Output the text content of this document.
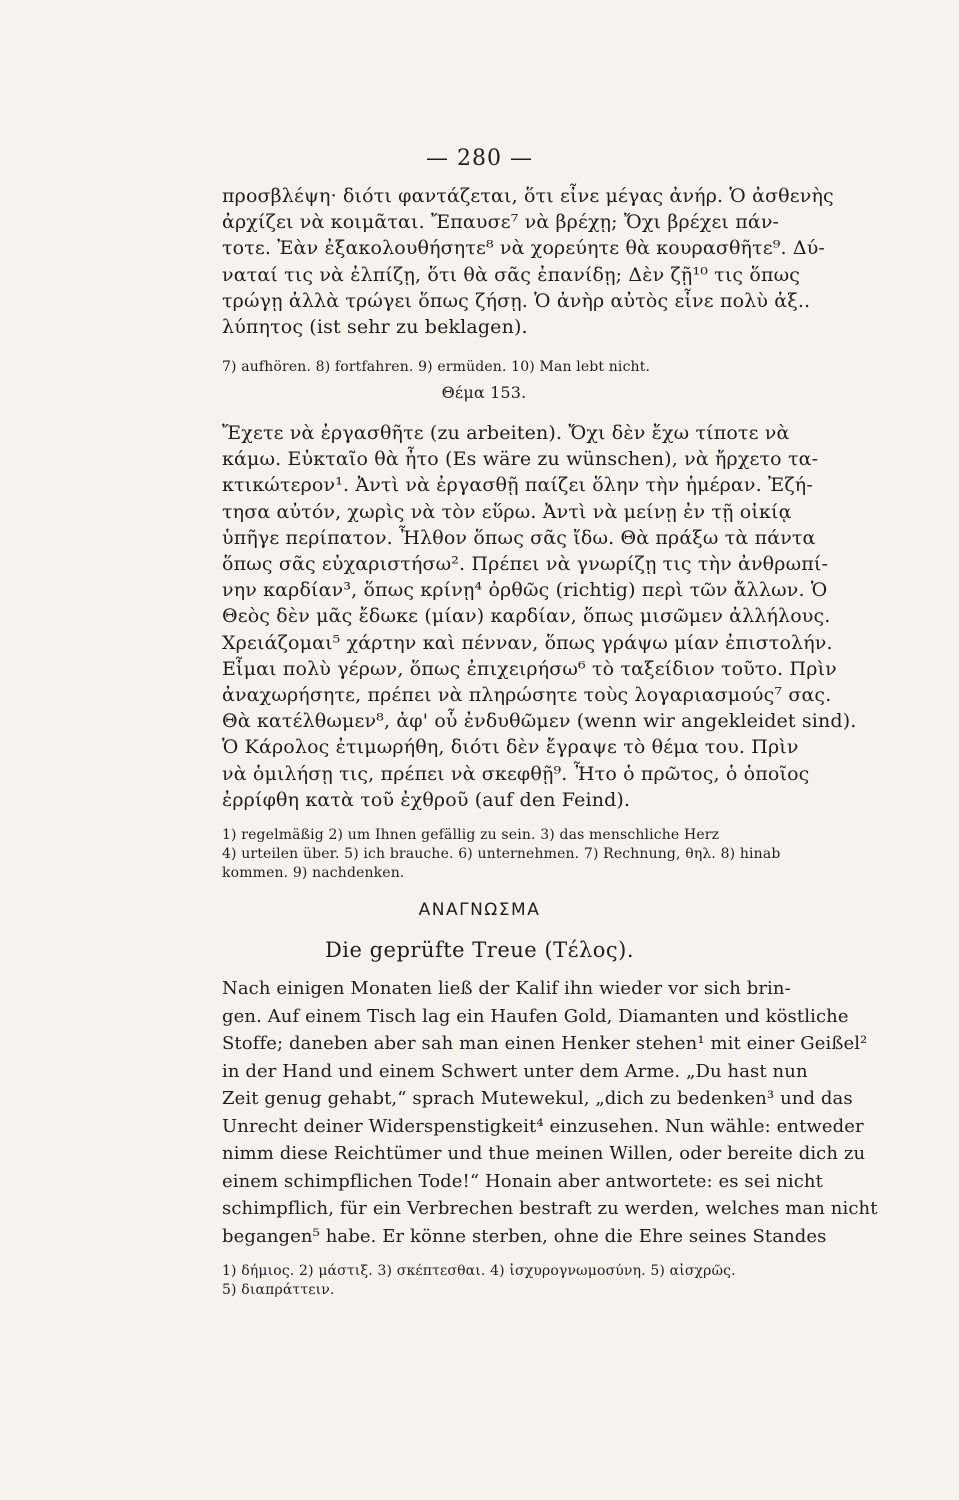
— 280 —
προσβλέψη· διότι φαντάζεται, ὅτι εἶνε μέγας ἀνήρ. Ὁ ἀσθενὴς
ἀρχίζει νὰ κοιμᾶται. Ἔπαυσε⁷ νὰ βρέχῃ; Ὄχι βρέχει πάν-
τοτε. Ἐὰν ἐξακολουθήσητε⁸ νὰ χορεύητε θὰ κουρασθῆτε⁹. Δύ-
ναταί τις νὰ ἐλπίζῃ, ὅτι θὰ σᾶς ἐπανίδῃ; Δὲν ζῇ¹⁰ τις ὅπως
τρώγῃ ἀλλὰ τρώγει ὅπως ζήσῃ. Ὁ ἀνὴρ αὐτὸς εἶνε πολὺ ἀξ..
λύπητος (ist sehr zu beklagen).
7) aufhören. 8) fortfahren. 9) ermüden. 10) Man lebt nicht.
Θέμα 153.
Ἔχετε νὰ ἐργασθῆτε (zu arbeiten). Ὄχι δὲν ἔχω τίποτε νὰ
κάμω. Εὐκταῖο θὰ ἦτο (Es wäre zu wünschen), νὰ ἤρχετο τα-
κτικώτερον¹. Ἀντὶ νὰ ἐργασθῇ παίζει ὅλην τὴν ἡμέραν. Ἐζή-
τησα αὐτόν, χωρὶς νὰ τὸν εὕρω. Ἀντὶ νὰ μείνῃ ἐν τῇ οἰκίᾳ
ὑπῆγε περίπατον. Ἦλθον ὅπως σᾶς ἴδω. Θὰ πράξω τὰ πάντα
ὅπως σᾶς εὐχαριστήσω². Πρέπει νὰ γνωρίζῃ τις τὴν ἀνθρωπί-
νην καρδίαν³, ὅπως κρίνῃ⁴ ὀρθῶς (richtig) περὶ τῶν ἄλλων. Ὁ
Θεὸς δὲν μᾶς ἔδωκε (μίαν) καρδίαν, ὅπως μισῶμεν ἀλλήλους.
Χρειάζομαι⁵ χάρτην καὶ πένναν, ὅπως γράψω μίαν ἐπιστολήν.
Εἶμαι πολὺ γέρων, ὅπως ἐπιχειρήσω⁶ τὸ ταξείδιον τοῦτο. Πρὶν
ἀναχωρήσητε, πρέπει νὰ πληρώσητε τοὺς λογαριασμούς⁷ σας.
Θὰ κατέλθωμεν⁸, ἀφ' οὗ ἐνδυθῶμεν (wenn wir angekleidet sind).
Ὁ Κάρολος ἐτιμωρήθη, διότι δὲν ἔγραψε τὸ θέμα του. Πρὶν
νὰ ὁμιλήσῃ τις, πρέπει νὰ σκεφθῇ⁹. Ἦτο ὁ πρῶτος, ὁ ὁποῖος
ἐρρίφθη κατὰ τοῦ ἐχθροῦ (auf den Feind).
1) regelmäßig 2) um Ihnen gefällig zu sein. 3) das menschliche Herz
4) urteilen über. 5) ich brauche. 6) unternehmen. 7) Rechnung, θηλ. 8) hinab
kommen. 9) nachdenken.
ΑΝΑΓΝΩΣΜΑ
Die geprüfte Treue (Τέλος).
Nach einigen Monaten ließ der Kalif ihn wieder vor sich brin-
gen. Auf einem Tisch lag ein Haufen Gold, Diamanten und köstliche
Stoffe; daneben aber sah man einen Henker stehen¹ mit einer Geißel²
in der Hand und einem Schwert unter dem Arme. „Du hast nun
Zeit genug gehabt,“ sprach Mutewekul, „dich zu bedenken³ und das
Unrecht deiner Widerspenstigkeit⁴ einzusehen. Nun wähle: entweder
nimm diese Reichtümer und thue meinen Willen, oder bereite dich zu
einem schimpflichen Tode!“ Honain aber antwortete: es sei nicht
schimpflich, für ein Verbrechen bestraft zu werden, welches man nicht
begangen⁵ habe. Er könne sterben, ohne die Ehre seines Standes
1) δήμιος. 2) μάστιξ. 3) σκέπτεσθαι. 4) ἰσχυρογνωμοσύνη. 5) αἰσχρῶς.
5) διαπράττειν.
